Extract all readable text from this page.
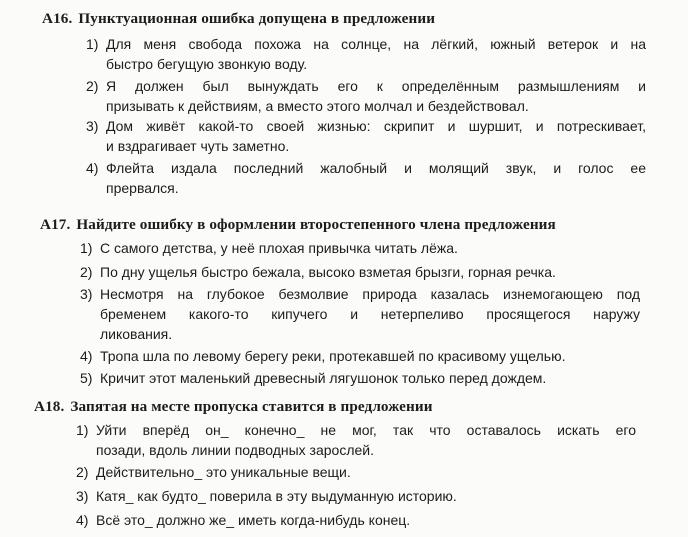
A16. Пунктуационная ошибка допущена в предложении
1) Для меня свобода похожа на солнце, на лёгкий, южный ветерок и на
быстро бегущую звонкую воду.
2) Я должен был вынуждать его к определённым размышлениям и
призывать к действиям, а вместо этого молчал и бездействовал.
3) Дом живёт какой-то своей жизнью: скрипит и шуршит, и потрескивает,
и вздрагивает чуть заметно.
4) Флейта издала последний жалобный и молящий звук, и голос ее
прервался.
A17. Найдите ошибку в оформлении второстепенного члена предложения
1) С самого детства, у неё плохая привычка читать лёжа.
2) По дну ущелья быстро бежала, высоко взметая брызги, горная речка.
3) Несмотря на глубокое безмолвие природа казалась изнемогающею под
бременем какого-то кипучего и нетерпеливо просящегося наружу
ликования.
4) Тропа шла по левому берегу реки, протекавшей по красивому ущелью.
5) Кричит этот маленький древесный лягушонок только перед дождем.
А18. Запятая на месте пропуска ставится в предложении
1) Уйти вперёд он_ конечно_ не мог, так что оставалось искать его
позади, вдоль линии подводных зарослей.
2) Действительно_ это уникальные вещи.
3) Катя_ как будто_ поверила в эту выдуманную историю.
4) Всё это_ должно же_ иметь когда-нибудь конец.
